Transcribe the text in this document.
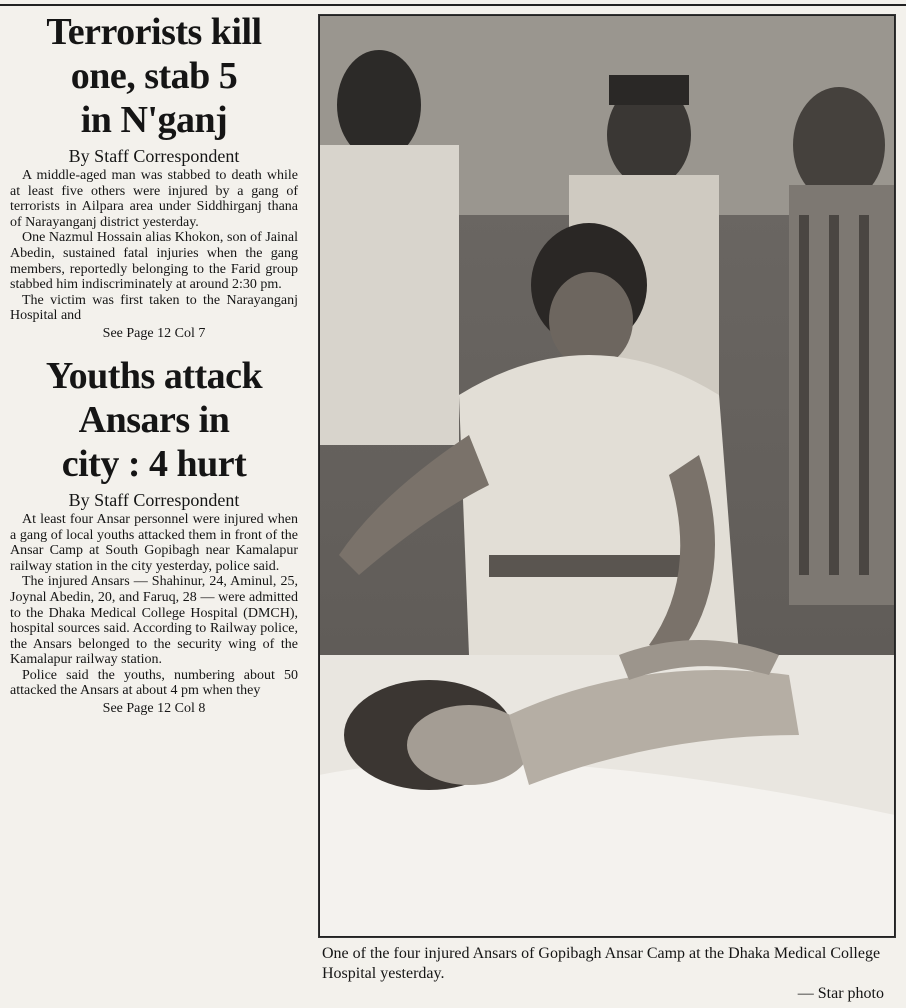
Terrorists kill
one, stab 5
in N'ganj
By Staff Correspondent

A middle-aged man was stabbed to death while at least five others were injured by a gang of terrorists in Ailpara area under Siddhirganj thana of Narayanganj district yesterday.

One Nazmul Hossain alias Khokon, son of Jainal Abedin, sustained fatal injuries when the gang members, reportedly belonging to the Farid group stabbed him indiscriminately at around 2:30 pm.

The victim was first taken to the Narayanganj Hospital and

See Page 12 Col 7
Youths attack
Ansars in
city : 4 hurt
By Staff Correspondent

At least four Ansar personnel were injured when a gang of local youths attacked them in front of the Ansar Camp at South Gopibagh near Kamalapur railway station in the city yesterday, police said.

The injured Ansars — Shahinur, 24, Aminul, 25, Joynal Abedin, 20, and Faruq, 28 — were admitted to the Dhaka Medical College Hospital (DMCH), hospital sources said. According to Railway police, the Ansars belonged to the security wing of the Kamalapur railway station.

Police said the youths, numbering about 50 attacked the Ansars at about 4 pm when they

See Page 12 Col 8
One of the four injured Ansars of Gopibagh Ansar Camp at the Dhaka Medical College Hospital yesterday.
— Star photo
